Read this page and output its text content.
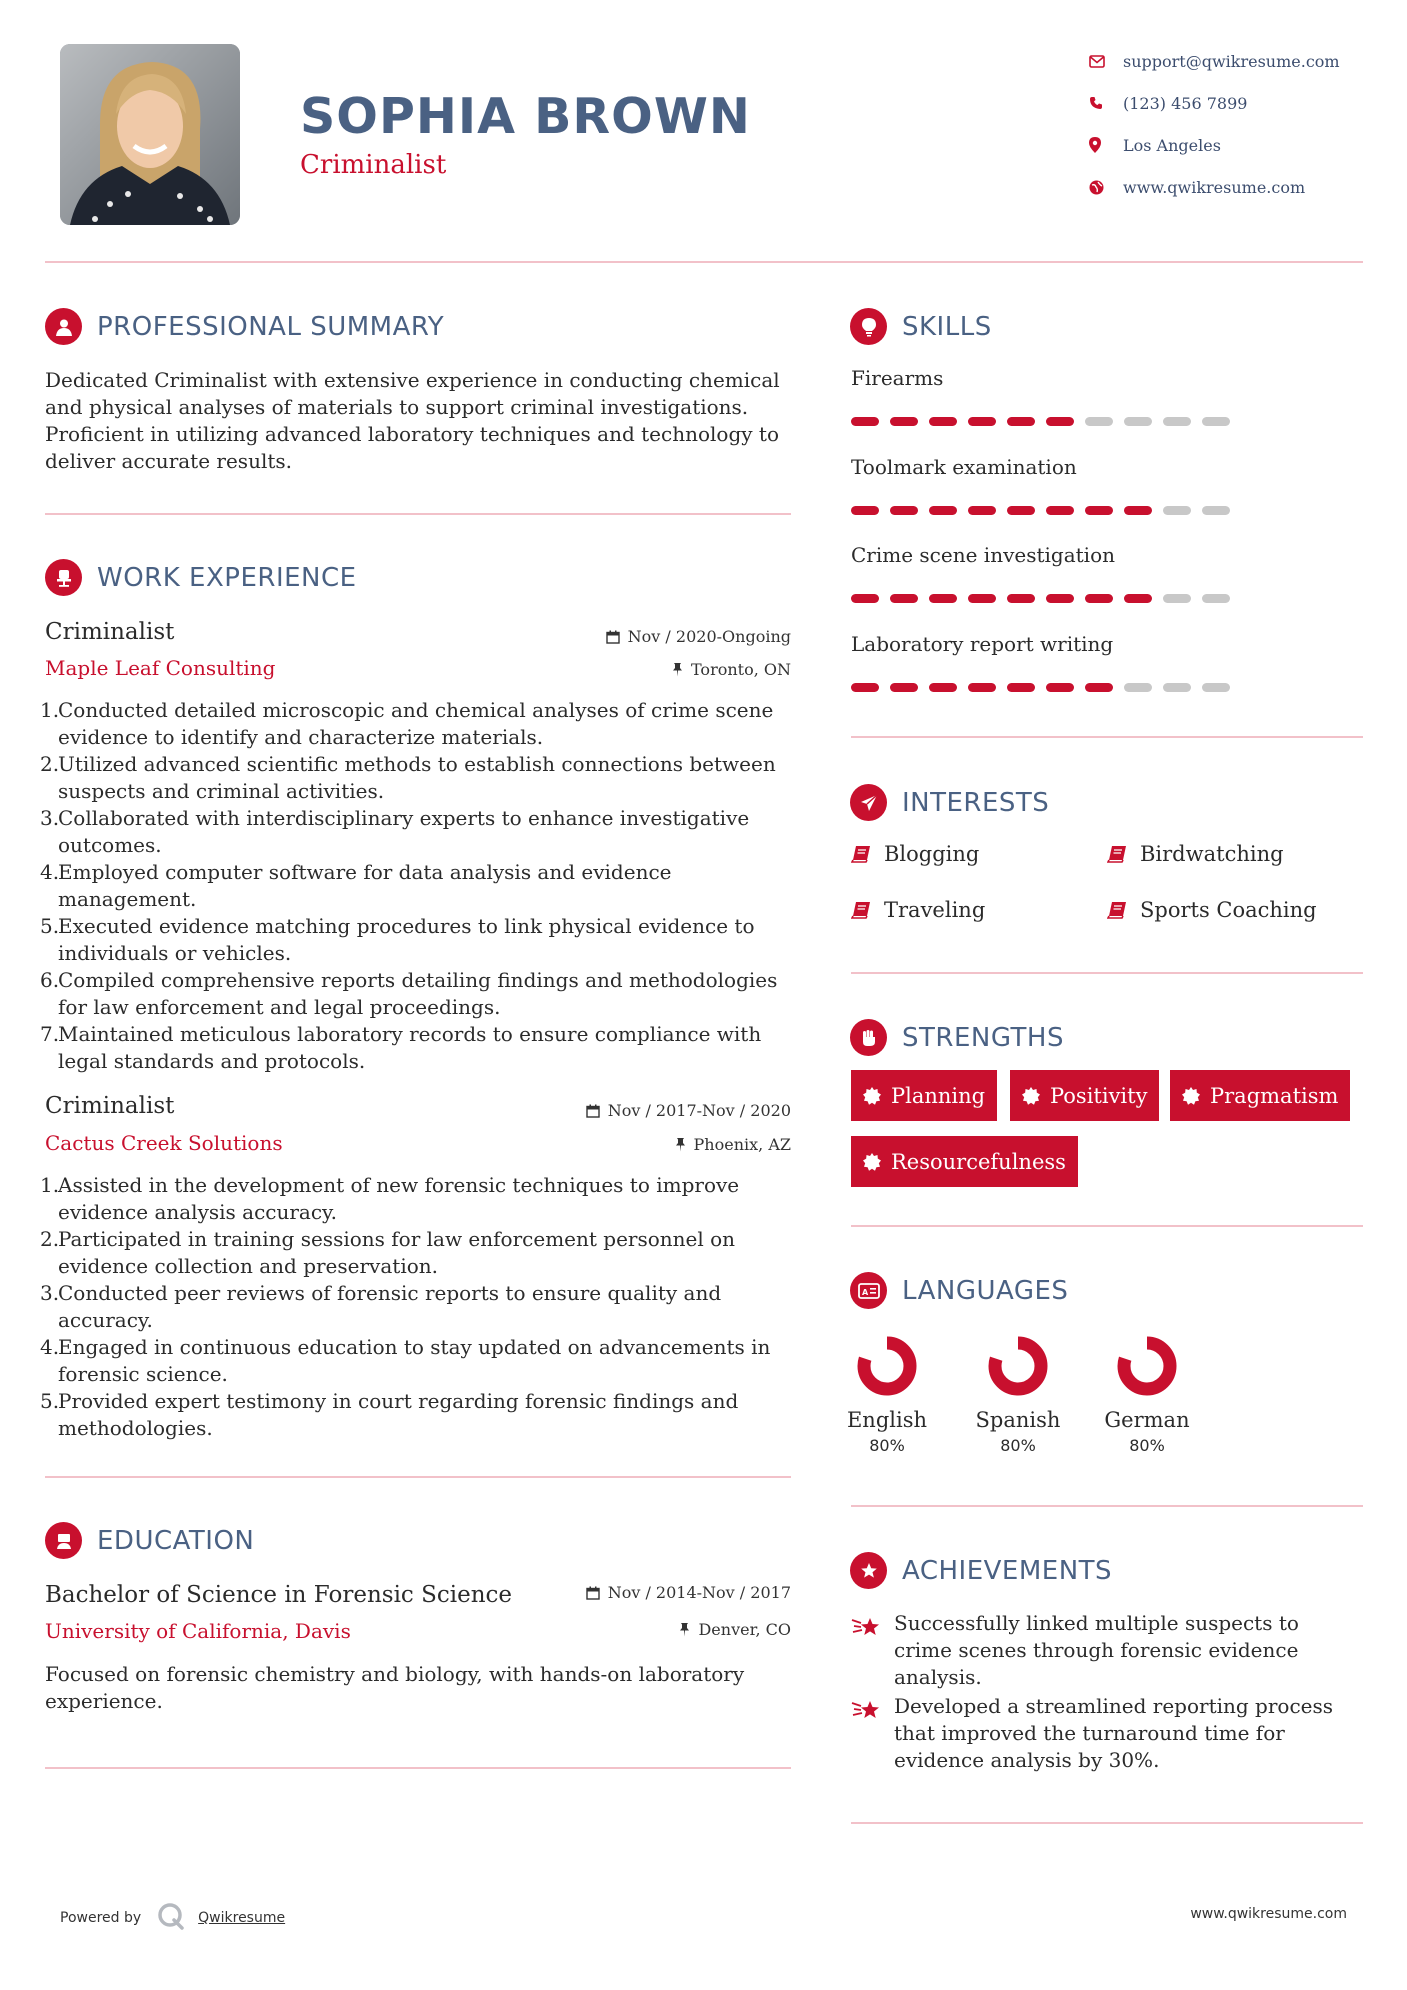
SOPHIA BROWN
Criminalist
support@qwikresume.com
(123) 456 7899
Los Angeles
www.qwikresume.com
PROFESSIONAL SUMMARY
Dedicated Criminalist with extensive experience in conducting chemical and physical analyses of materials to support criminal investigations. Proficient in utilizing advanced laboratory techniques and technology to deliver accurate results.
WORK EXPERIENCE
Criminalist
Maple Leaf Consulting
Nov / 2020-Ongoing
Toronto, ON
1.
Conducted detailed microscopic and chemical analyses of crime scene evidence to identify and characterize materials.
2.
Utilized advanced scientific methods to establish connections between suspects and criminal activities.
3.
Collaborated with interdisciplinary experts to enhance investigative outcomes.
4.
Employed computer software for data analysis and evidence management.
5.
Executed evidence matching procedures to link physical evidence to individuals or vehicles.
6.
Compiled comprehensive reports detailing findings and methodologies for law enforcement and legal proceedings.
7.
Maintained meticulous laboratory records to ensure compliance with legal standards and protocols.
Criminalist
Cactus Creek Solutions
Nov / 2017-Nov / 2020
Phoenix, AZ
1.
Assisted in the development of new forensic techniques to improve evidence analysis accuracy.
2.
Participated in training sessions for law enforcement personnel on evidence collection and preservation.
3.
Conducted peer reviews of forensic reports to ensure quality and accuracy.
4.
Engaged in continuous education to stay updated on advancements in forensic science.
5.
Provided expert testimony in court regarding forensic findings and methodologies.
EDUCATION
Bachelor of Science in Forensic Science
University of California, Davis
Nov / 2014-Nov / 2017
Denver, CO
Focused on forensic chemistry and biology, with hands-on laboratory experience.
SKILLS
Firearms
Toolmark examination
Crime scene investigation
Laboratory report writing
INTERESTS
Blogging	Birdwatching
Traveling	Sports Coaching
STRENGTHS
Planning	Positivity	Pragmatism
Resourcefulness
A LANGUAGES
English
80%
Spanish
80%
German
80%
ACHIEVEMENTS
Successfully linked multiple suspects to crime scenes through forensic evidence analysis.
Developed a streamlined reporting process that improved the turnaround time for evidence analysis by 30%.
Powered by	Qwikresume	www.qwikresume.com
